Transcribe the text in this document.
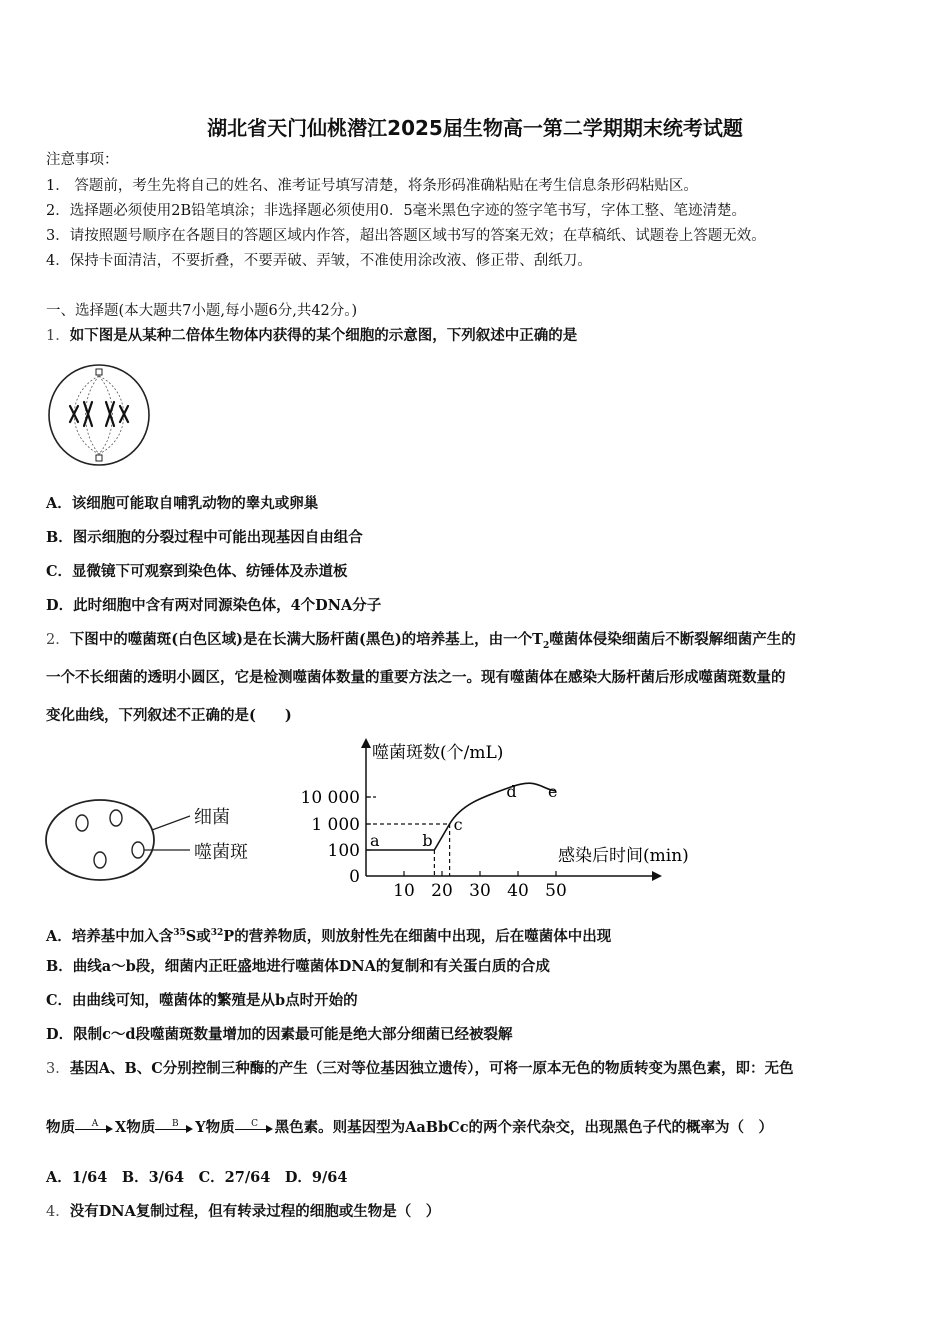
湖北省天门仙桃潜江2025届生物高一第二学期期末统考试题
注意事项：
1． 答题前，考生先将自己的姓名、准考证号填写清楚，将条形码准确粘贴在考生信息条形码粘贴区。
2．选择题必须使用2B铅笔填涂；非选择题必须使用0．5毫米黑色字迹的签字笔书写，字体工整、笔迹清楚。
3．请按照题号顺序在各题目的答题区域内作答，超出答题区域书写的答案无效；在草稿纸、试题卷上答题无效。
4．保持卡面清洁，不要折叠，不要弄破、弄皱，不准使用涂改液、修正带、刮纸刀。
一、选择题(本大题共7小题,每小题6分,共42分。)
1．如下图是从某种二倍体生物体内获得的某个细胞的示意图，下列叙述中正确的是
A．该细胞可能取自哺乳动物的睾丸或卵巢
B．图示细胞的分裂过程中可能出现基因自由组合
C．显微镜下可观察到染色体、纺锤体及赤道板
D．此时细胞中含有两对同源染色体，4个DNA分子
2．下图中的噬菌斑(白色区域)是在长满大肠杆菌(黑色)的培养基上，由一个$T_2$噬菌体侵染细菌后不断裂解细菌产生的
一个不长细菌的透明小圆区，它是检测噬菌体数量的重要方法之一。现有噬菌体在感染大肠杆菌后形成噬菌斑数量的
变化曲线，下列叙述不正确的是(　　)
细菌
噬菌斑
噬菌斑数(个/mL)
感染后时间(min)
0
100
1 000
10 000
10 20 30 40 50
a	b
c
d e
A．培养基中加入含$^{35}$S或$^{32}$P的营养物质，则放射性先在细菌中出现，后在噬菌体中出现
B．曲线a～b段，细菌内正旺盛地进行噬菌体DNA的复制和有关蛋白质的合成
C．由曲线可知，噬菌体的繁殖是从b点时开始的
D．限制c～d段噬菌斑数量增加的因素最可能是绝大部分细菌已经被裂解
3．基因A、B、C分别控制三种酶的产生（三对等位基因独立遗传），可将一原本无色的物质转变为黑色素，即：无色
物质	A	X物质	B	Y物质	C	黑色素。则基因型为AaBbCc的两个亲代杂交，出现黑色子代的概率为（　）
A．1/64　B．3/64　C．27/64　D．9/64
4．没有DNA复制过程，但有转录过程的细胞或生物是（　）
